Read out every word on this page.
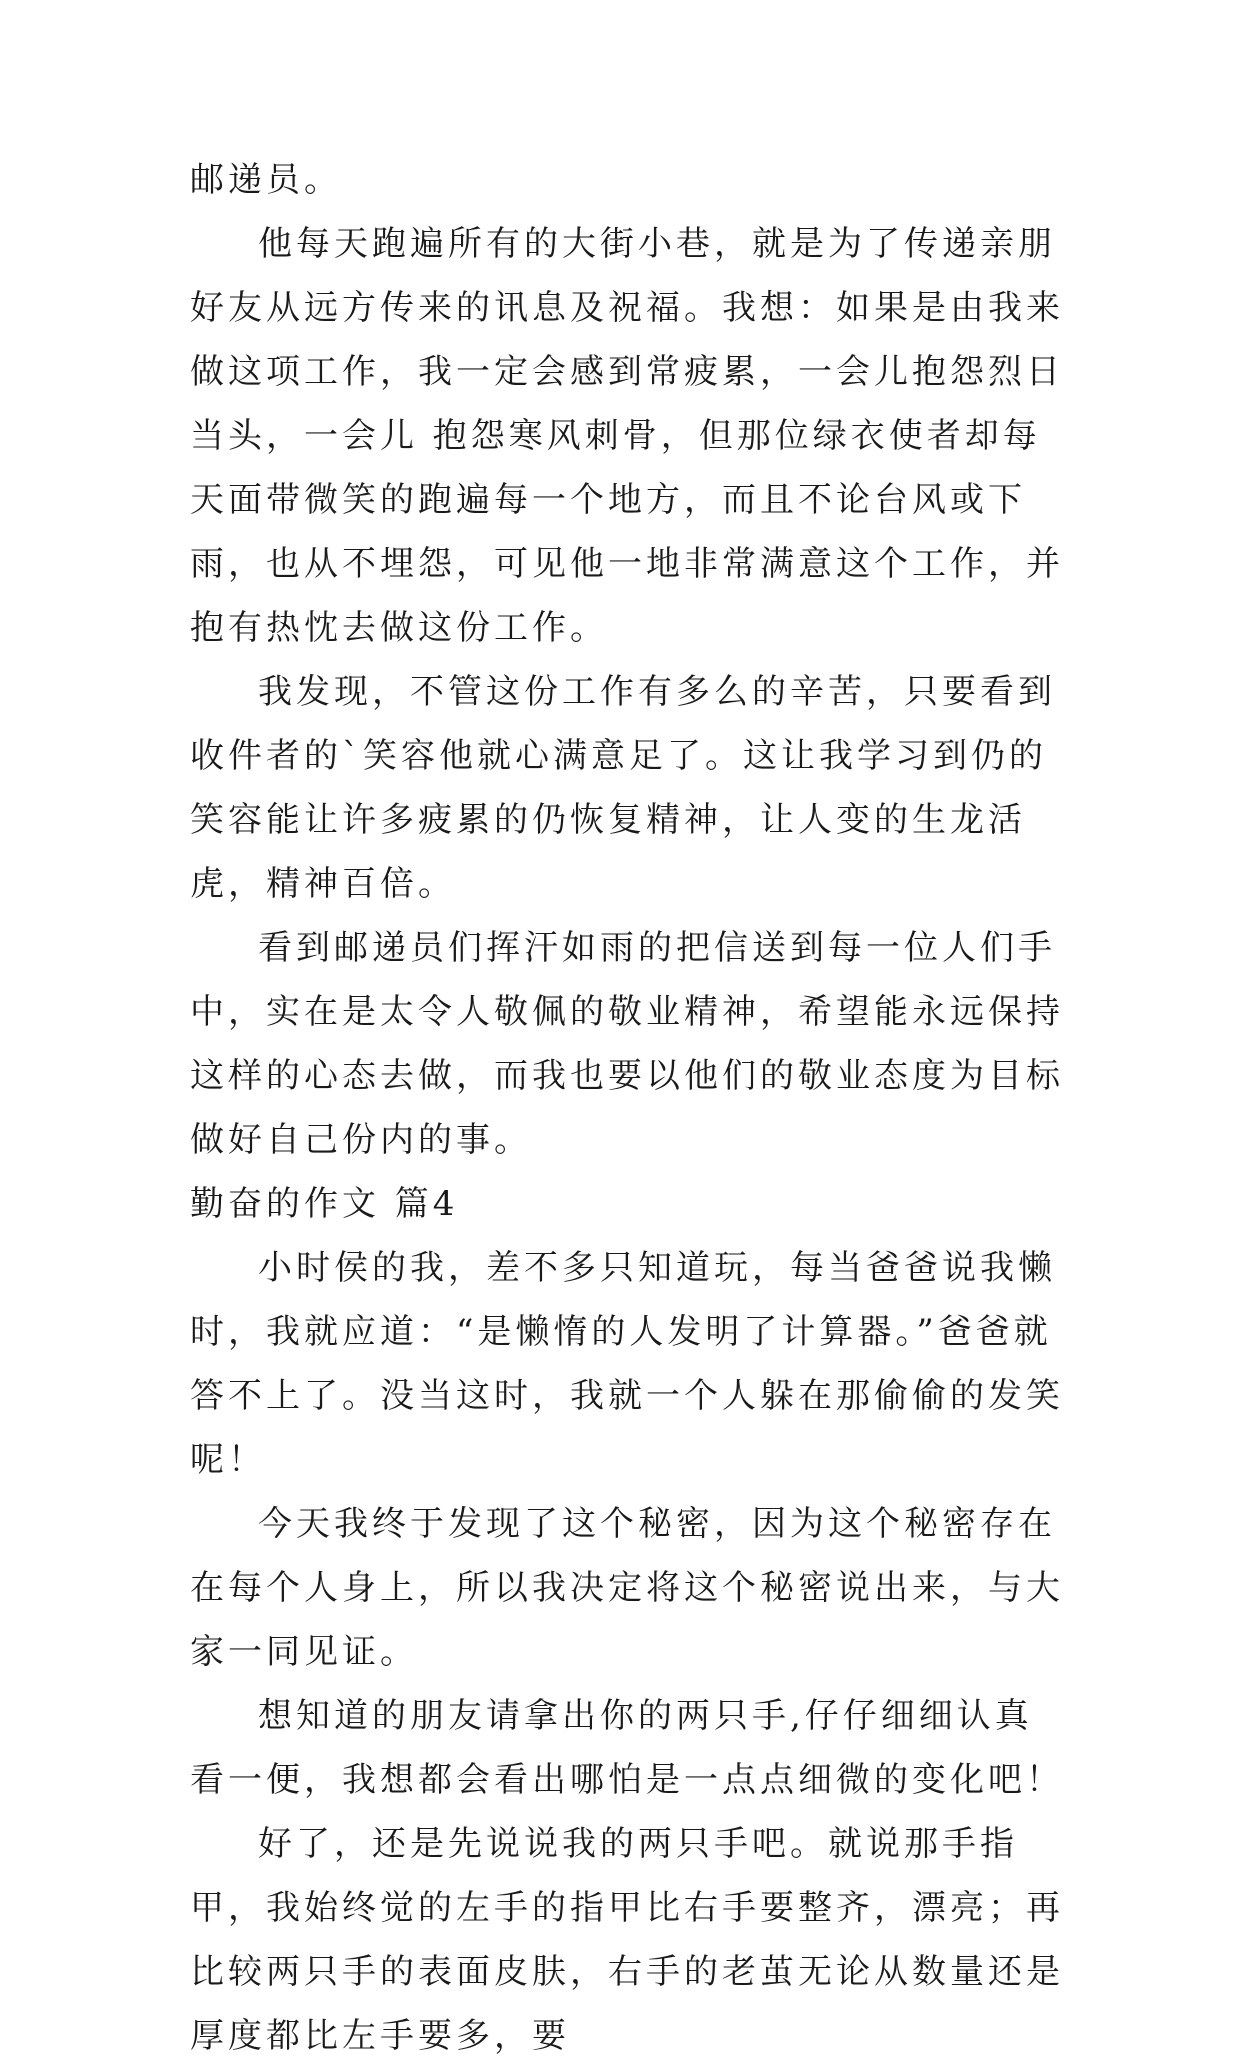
邮递员。

他每天跑遍所有的大街小巷，就是为了传递亲朋好友从远方传来的讯息及祝福。我想：如果是由我来做这项工作，我一定会感到常疲累，一会儿抱怨烈日当头，一会儿 抱怨寒风刺骨，但那位绿衣使者却每天面带微笑的跑遍每一个地方，而且不论台风或下雨，也从不埋怨，可见他一地非常满意这个工作，并抱有热忱去做这份工作。

我发现，不管这份工作有多么的辛苦，只要看到收件者的`笑容他就心满意足了。这让我学习到仍的笑容能让许多疲累的仍恢复精神，让人变的生龙活虎，精神百倍。

看到邮递员们挥汗如雨的把信送到每一位人们手中，实在是太令人敬佩的敬业精神，希望能永远保持这样的心态去做，而我也要以他们的敬业态度为目标做好自己份内的事。

勤奋的作文 篇4

小时侯的我，差不多只知道玩，每当爸爸说我懒时，我就应道：“是懒惰的人发明了计算器。”爸爸就答不上了。没当这时，我就一个人躲在那偷偷的发笑呢！

今天我终于发现了这个秘密，因为这个秘密存在在每个人身上，所以我决定将这个秘密说出来，与大家一同见证。

想知道的朋友请拿出你的两只手,仔仔细细认真看一便，我想都会看出哪怕是一点点细微的变化吧！

好了，还是先说说我的两只手吧。就说那手指甲，我始终觉的左手的指甲比右手要整齐，漂亮；再比较两只手的表面皮肤，右手的老茧无论从数量还是厚度都比左手要多，要
